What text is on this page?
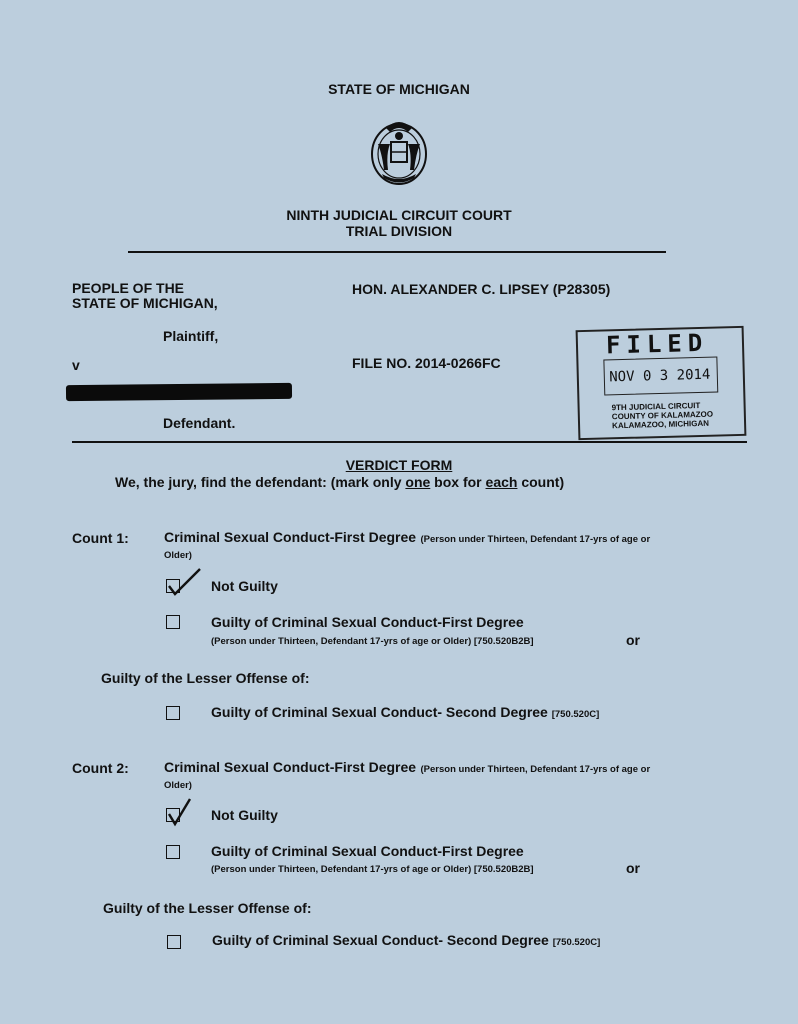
STATE OF MICHIGAN
NINTH JUDICIAL CIRCUIT COURT
TRIAL DIVISION
PEOPLE OF THE
STATE OF MICHIGAN,
Plaintiff,
v
Defendant.
HON. ALEXANDER C. LIPSEY (P28305)
FILE NO. 2014-0266FC
FILED
NOV 0 3 2014
9TH JUDICIAL CIRCUIT
COUNTY OF KALAMAZOO
KALAMAZOO, MICHIGAN
VERDICT FORM
We, the jury, find the defendant: (mark only one box for each count)
Count 1:	Criminal Sexual Conduct-First Degree (Person under Thirteen, Defendant 17-yrs of age or
Older)
Not Guilty
Guilty of Criminal Sexual Conduct-First Degree
(Person under Thirteen, Defendant 17-yrs of age or Older) [750.520B2B]	or
Guilty of the Lesser Offense of:
Guilty of Criminal Sexual Conduct- Second Degree [750.520C]
Count 2:	Criminal Sexual Conduct-First Degree (Person under Thirteen, Defendant 17-yrs of age or
Older)
Not Guilty
Guilty of Criminal Sexual Conduct-First Degree
(Person under Thirteen, Defendant 17-yrs of age or Older) [750.520B2B]	or
Guilty of the Lesser Offense of:
Guilty of Criminal Sexual Conduct- Second Degree [750.520C]
